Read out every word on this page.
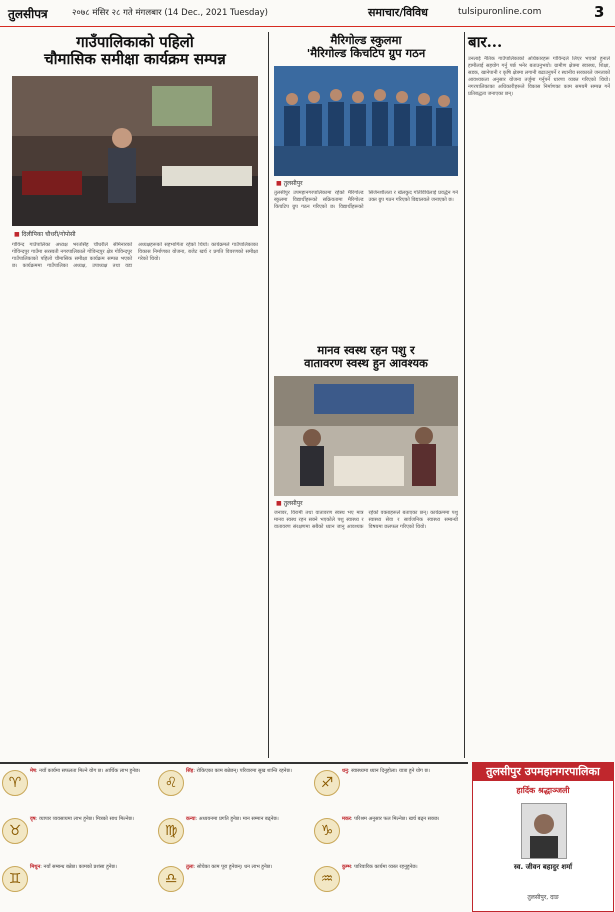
तुलसीपत्र	२०७८ मंसिर २८ गते मंगलबार (14 Dec., 2021 Tuesday)	समाचार/विविध	tulsipuronline.com	3
गाउँपालिकाको पहिलो
चौमासिक समीक्षा कार्यक्रम सम्पन्न
■ दिलीपिका चौधरी/गोपोसी

गोविन्द गाउँपालिका अध्यक्ष भरतसिंह चौधरीले सेमिनारको गोविन्दपुर गाउँमा सरस्वती नगरपालिकाले गोविन्दपुर क्षेत्र गोविन्दपुर गाउँपालिकाको पहिलो चौमासिक समीक्षा कार्यक्रम सम्पन्न भएको छ। कार्यक्रममा गाउँपालिका अध्यक्ष, उपाध्यक्ष तथा वडा अध्यक्षहरूको सहभागिता रहेको थियो। कार्यक्रमले गाउँपालिकाका विकास निर्माणका योजना, बजेट खर्च र प्रगति विवरणको समीक्षा गरेको थियो।

मैरिगोल्ड स्कुलमा
'मैरिगोल्ड किचटिप ग्रुप गठन
■ तुलसीपुर

तुलसीपुर उपमहानगरपालिकामा रहेको मैरिगोल्ड स्कुलमा विद्यार्थीहरूको सक्रियतामा मैरिगोल्ड किचटिप ग्रुप गठन गरिएको छ। विद्यार्थीहरूको सिर्जनशीलता र खेलकुद गतिविधिलाई प्रवर्द्धन गर्न उक्त ग्रुप गठन गरिएको विद्यालयले जनाएको छ।

मानव स्वस्थ रहन पशु र
वातावरण स्वस्थ हुन आवश्यक
■ तुलसीपुर

जनावर, विरामी तथा वातावरण स्वस्थ भए मात्र मानव स्वस्थ रहन सक्ने भएकोले पशु स्वास्थ्य र वातावरण संरक्षणमा सबैको ध्यान जानु आवश्यक रहेको वक्ताहरूले बताएका छन्। कार्यक्रममा पशु स्वास्थ्य सेवा र सार्वजनिक स्वास्थ्य सम्बन्धी विषयमा छलफल गरिएको थियो।

बार...

उनलाई नैतिक गाउँपालिकाको अधिकारहरू गोविन्दले लिएर भएको हुनाले हामीलाई सहयोग गर्नु पर्छ भनेर बताउनुभयो। ग्रामीण क्षेत्रमा स्वास्थ्य, शिक्षा, सडक, खानेपानी र कृषि क्षेत्रमा लगानी बढाउनुपर्ने र स्थानीय सरकारले जनताको आवश्यकता अनुसार योजना तर्जुमा गर्नुपर्ने धारणा व्यक्त गरिएको थियो। नगरपालिकाका अधिकारीहरूले विकास निर्माणका काम समयमै सम्पन्न गर्ने प्रतिबद्धता जनाएका छन्।

♈
मेष: नयाँ कार्यमा सफलता मिल्ने योग छ। आर्थिक लाभ हुनेछ।
♌
सिंह: रोकिएका काम बन्नेछन्। परिवारमा सुख शान्ति रहनेछ।
♐
धनु: स्वास्थ्यमा ध्यान दिनुहोला। यात्रा हुने योग छ।
♉
वृष: व्यापार व्यवसायमा लाभ हुनेछ। मित्रको साथ मिल्नेछ।
♍
कन्या: अध्ययनमा प्रगति हुनेछ। मान सम्मान बढ्नेछ।
♑
मकर: परिश्रम अनुसार फल मिल्नेछ। खर्च बढ्न सक्छ।
♊
मिथुन: नयाँ सम्बन्ध बन्नेछ। कामको प्रशंसा हुनेछ।
♎
तुला: सोचेका काम पूरा हुनेछन्। धन लाभ हुनेछ।
♒
कुम्भ: पारिवारिक कार्यमा व्यस्त रहनुहुनेछ।
तुलसीपुर उपमहानगरपालिका
हार्दिक श्रद्धाञ्जली
स्व. जीवन बहादुर शर्मा
तुलसीपुर, दाङ
